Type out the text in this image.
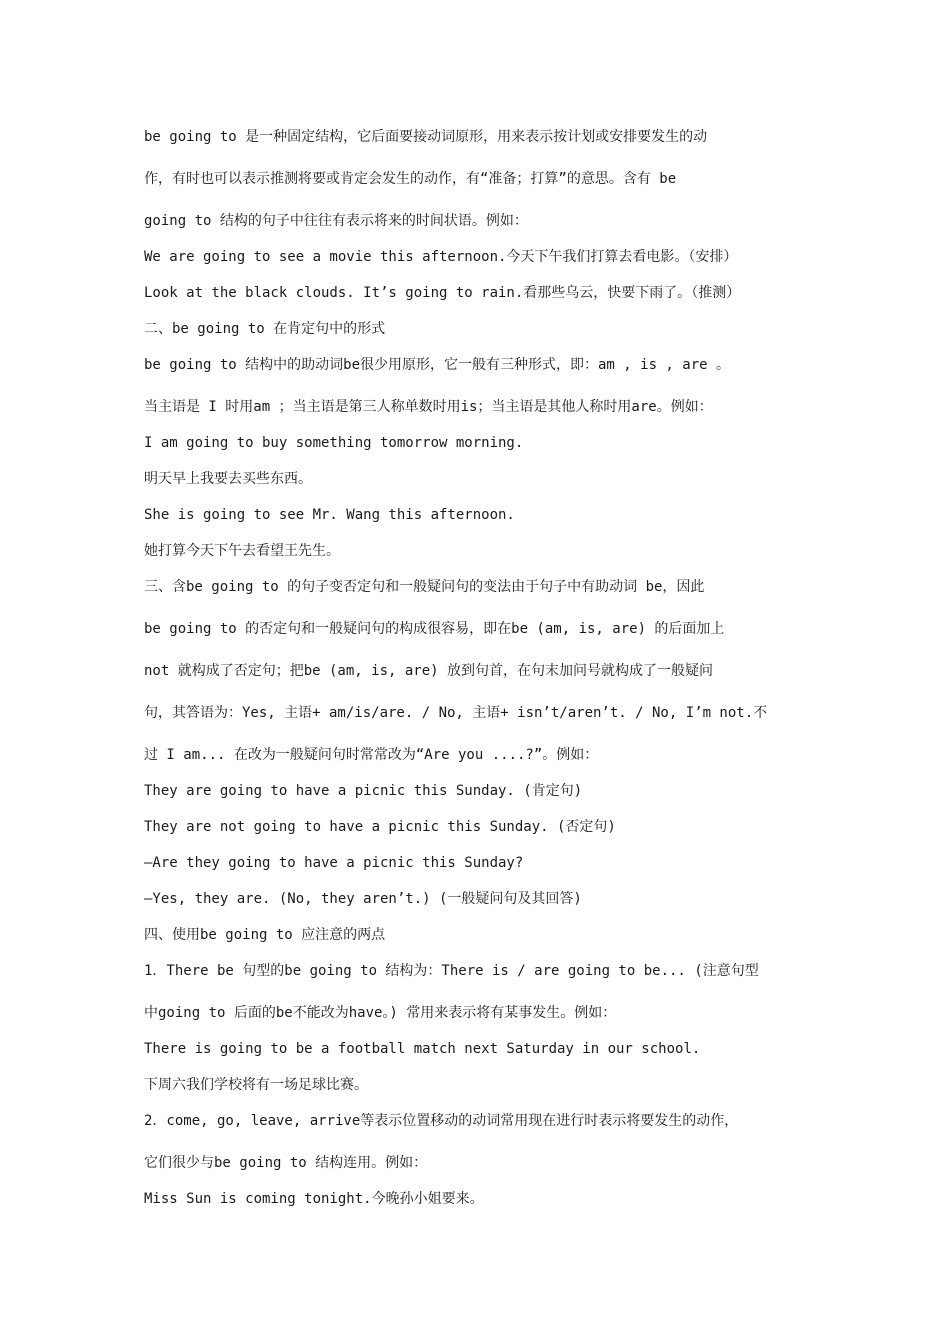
be going to 是一种固定结构，它后面要接动词原形，用来表示按计划或安排要发生的动
作，有时也可以表示推测将要或肯定会发生的动作，有“准备；打算”的意思。含有 be
going to 结构的句子中往往有表示将来的时间状语。例如：
We are going to see a movie this afternoon.今天下午我们打算去看电影。（安排）
Look at the black clouds. It’s going to rain.看那些乌云，快要下雨了。（推测）
二、be going to 在肯定句中的形式
be going to 结构中的助动词be很少用原形，它一般有三种形式，即：am , is , are 。
当主语是 I 时用am ；当主语是第三人称单数时用is；当主语是其他人称时用are。例如：
I am going to buy something tomorrow morning.
明天早上我要去买些东西。
She is going to see Mr. Wang this afternoon.
她打算今天下午去看望王先生。
三、含be going to 的句子变否定句和一般疑问句的变法由于句子中有助动词 be，因此
be going to 的否定句和一般疑问句的构成很容易，即在be (am, is, are) 的后面加上
not 就构成了否定句；把be (am, is, are) 放到句首，在句末加问号就构成了一般疑问
句，其答语为：Yes, 主语+ am/is/are. / No, 主语+ isn’t/aren’t. / No, I’m not.不
过 I am... 在改为一般疑问句时常常改为“Are you ....?”。例如：
They are going to have a picnic this Sunday. (肯定句)
They are not going to have a picnic this Sunday. (否定句)
—Are they going to have a picnic this Sunday?
—Yes, they are. (No, they aren’t.) (一般疑问句及其回答)
四、使用be going to 应注意的两点
1．There be 句型的be going to 结构为：There is / are going to be... (注意句型
中going to 后面的be不能改为have。) 常用来表示将有某事发生。例如：
There is going to be a football match next Saturday in our school.
下周六我们学校将有一场足球比赛。
2．come, go, leave, arrive等表示位置移动的动词常用现在进行时表示将要发生的动作，
它们很少与be going to 结构连用。例如：
Miss Sun is coming tonight.今晚孙小姐要来。
